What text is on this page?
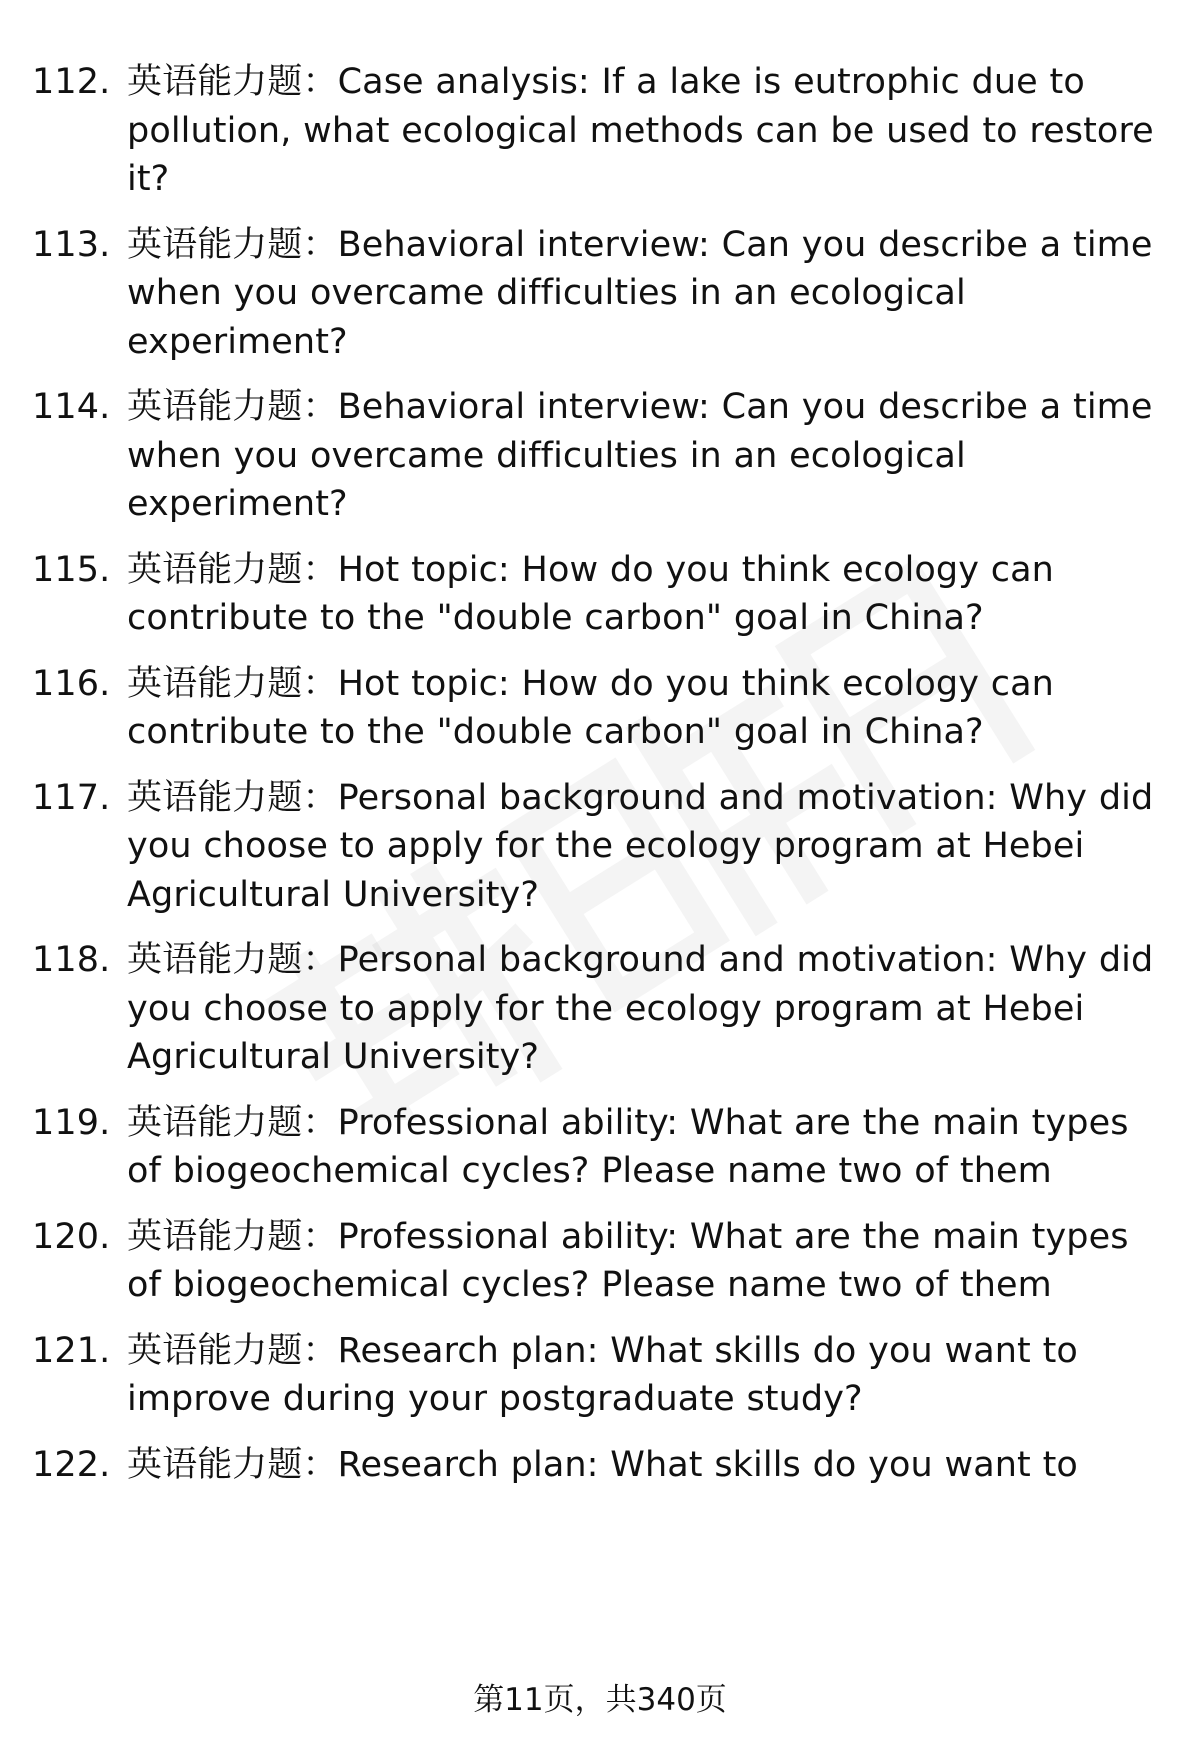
112. 英语能力题：Case analysis: If a lake is eutrophic due to pollution, what ecological methods can be used to restore it?
113. 英语能力题：Behavioral interview: Can you describe a time when you overcame difficulties in an ecological experiment?
114. 英语能力题：Behavioral interview: Can you describe a time when you overcame difficulties in an ecological experiment?
115. 英语能力题：Hot topic: How do you think ecology can contribute to the "double carbon" goal in China?
116. 英语能力题：Hot topic: How do you think ecology can contribute to the "double carbon" goal in China?
117. 英语能力题：Personal background and motivation: Why did you choose to apply for the ecology program at Hebei Agricultural University?
118. 英语能力题：Personal background and motivation: Why did you choose to apply for the ecology program at Hebei Agricultural University?
119. 英语能力题：Professional ability: What are the main types of biogeochemical cycles? Please name two of them
120. 英语能力题：Professional ability: What are the main types of biogeochemical cycles? Please name two of them
121. 英语能力题：Research plan: What skills do you want to improve during your postgraduate study?
122. 英语能力题：Research plan: What skills do you want to
第11页，共340页
